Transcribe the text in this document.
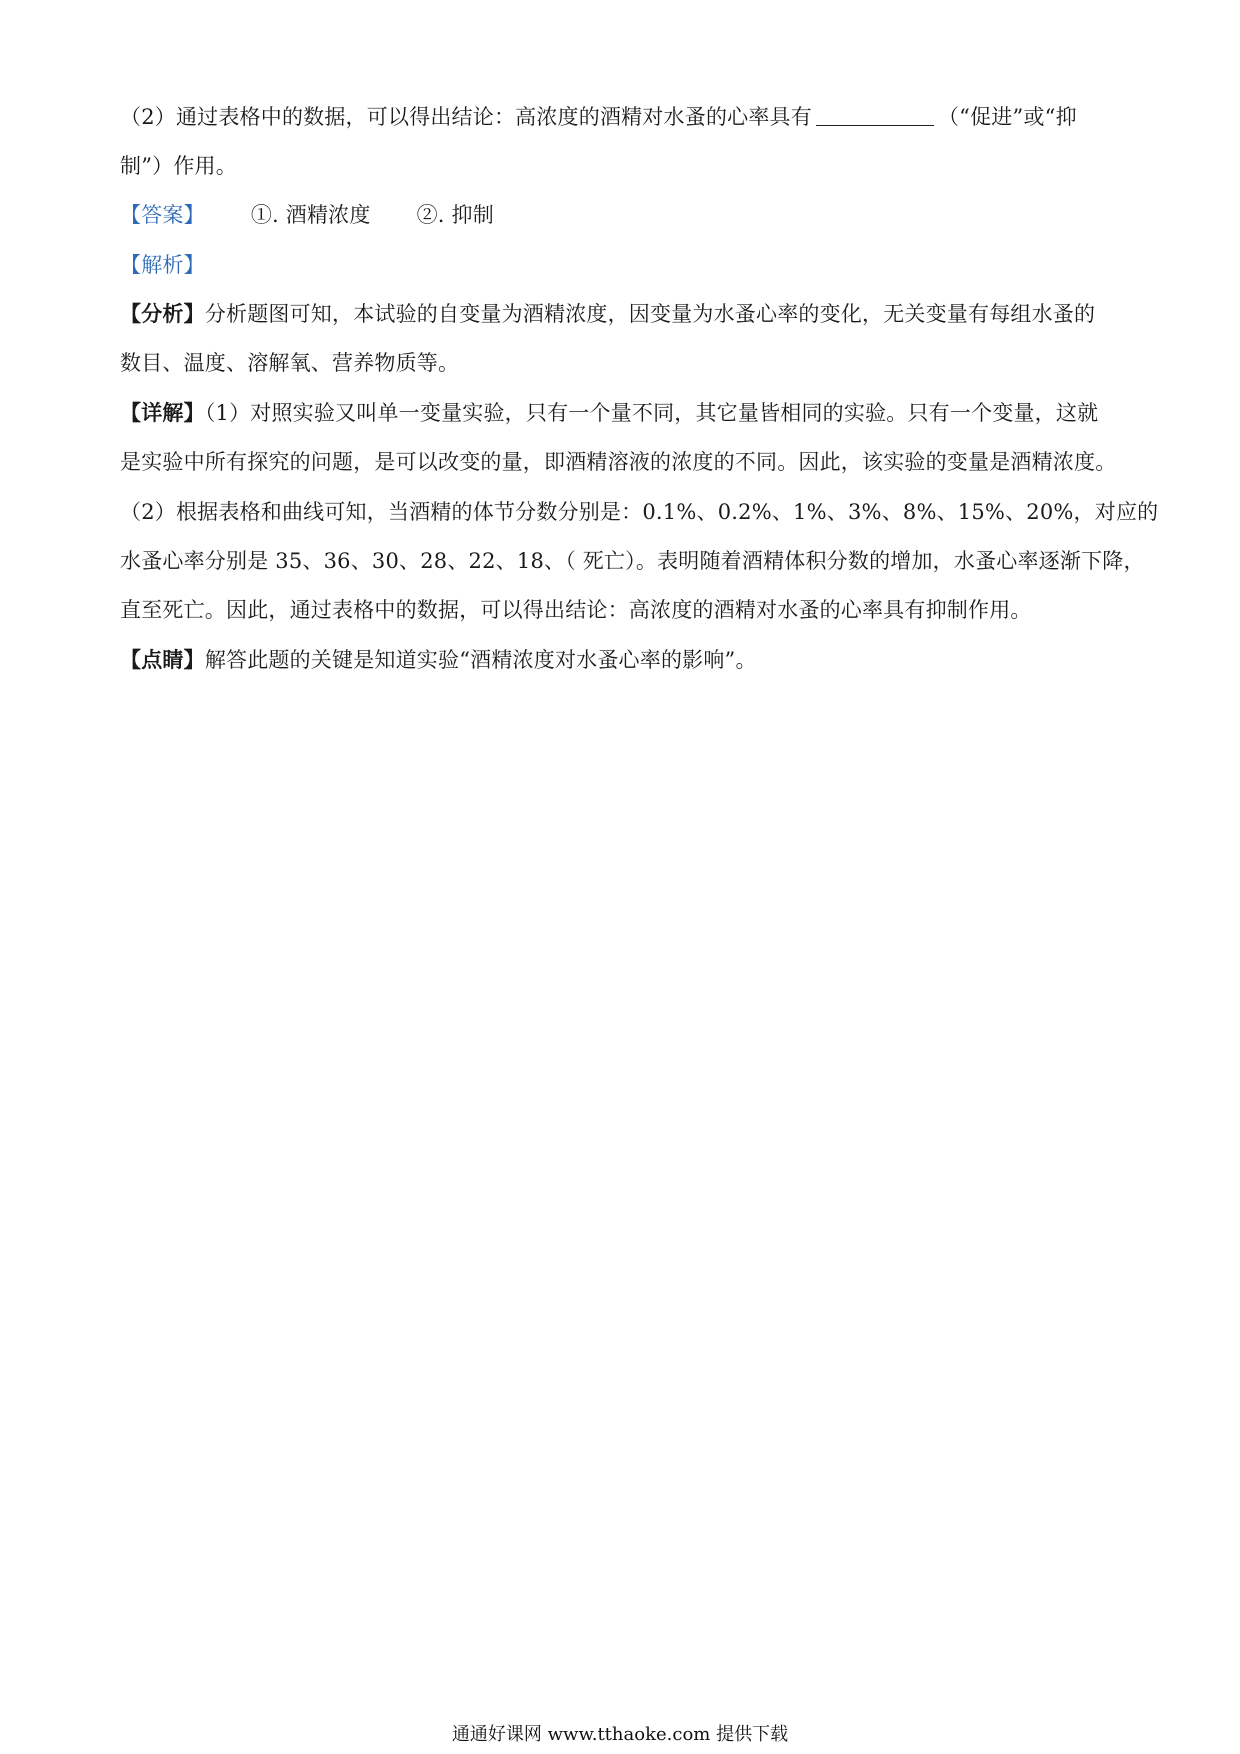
（2）通过表格中的数据，可以得出结论：高浓度的酒精对水蚤的心率具有	（“促进”或“抑
制”）作用。
【答案】 ①. 酒精浓度 ②. 抑制
【解析】
【分析】分析题图可知，本试验的自变量为酒精浓度，因变量为水蚤心率的变化，无关变量有每组水蚤的
数目、温度、溶解氧、营养物质等。
【详解】（1）对照实验又叫单一变量实验，只有一个量不同，其它量皆相同的实验。只有一个变量，这就
是实验中所有探究的问题，是可以改变的量，即酒精溶液的浓度的不同。因此，该实验的变量是酒精浓度。
（2）根据表格和曲线可知，当酒精的体节分数分别是：0.1%、0.2%、1%、3%、8%、15%、20%，对应的
水蚤心率分别是 35、36、30、28、22、18、（ 死亡）。表明随着酒精体积分数的增加，水蚤心率逐渐下降，
直至死亡。因此，通过表格中的数据，可以得出结论：高浓度的酒精对水蚤的心率具有抑制作用。
【点睛】解答此题的关键是知道实验“酒精浓度对水蚤心率的影响”。
通通好课网 www.tthaoke.com 提供下载
